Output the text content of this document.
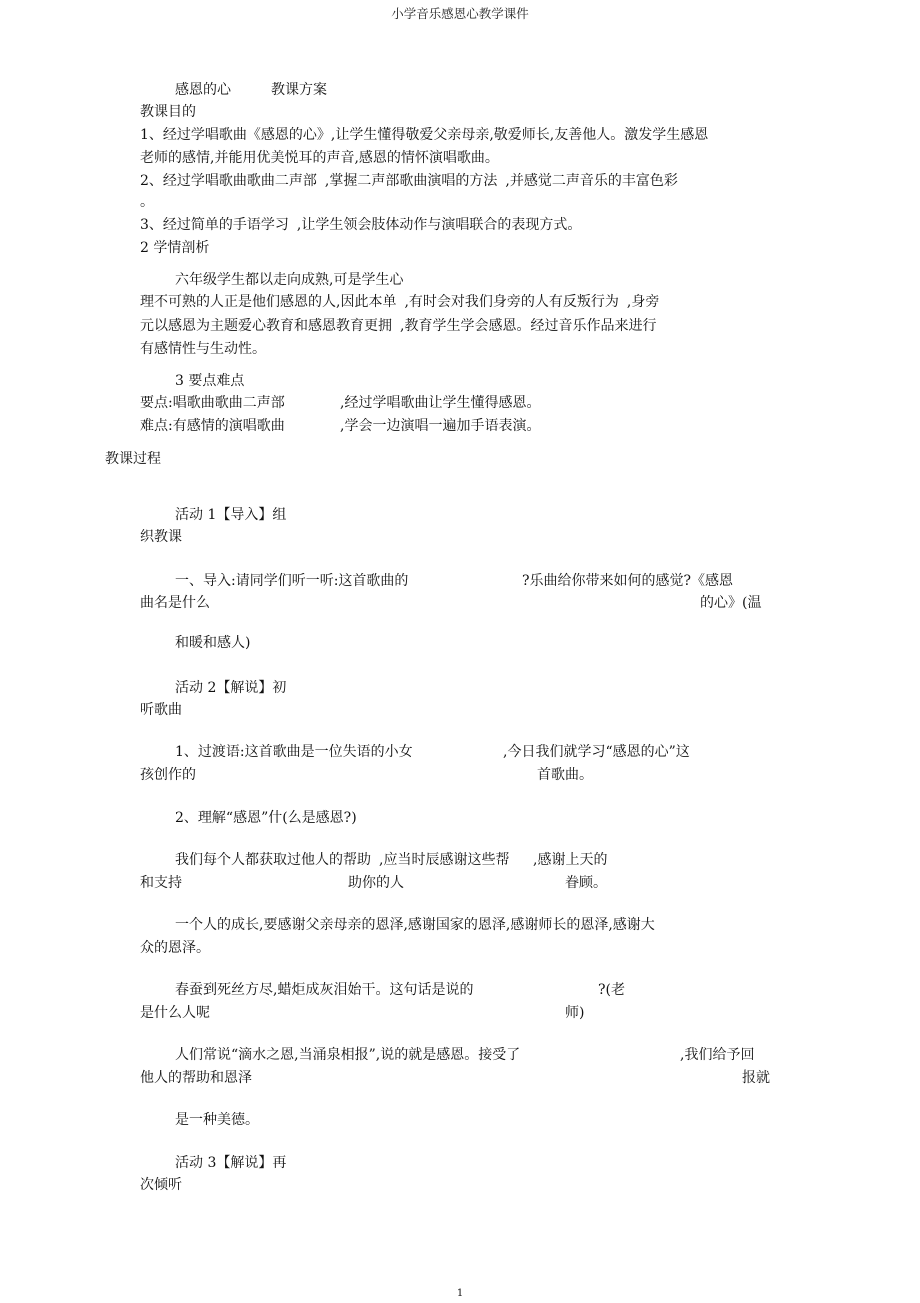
小学音乐感恩心教学课件
感恩的心	教课方案
教课目的
1、经过学唱歌曲《感恩的心》,让学生懂得敬爱父亲母亲,敬爱师长,友善他人。激发学生感恩
老师的感情,并能用优美悦耳的声音,感恩的情怀演唱歌曲。
2、经过学唱歌曲歌曲二声部 ,掌握二声部歌曲演唱的方法 ,并感觉二声音乐的丰富色彩
。
3、经过简单的手语学习 ,让学生领会肢体动作与演唱联合的表现方式。
2 学情剖析
六年级学生都以走向成熟,可是学生心
理不可熟的人正是他们感恩的人,因此本单 ,有时会对我们身旁的人有反叛行为 ,身旁
元以感恩为主题爱心教育和感恩教育更拥 ,教育学生学会感恩。经过音乐作品来进行
有感情性与生动性。
3 要点难点
要点:唱歌曲歌曲二声部	,经过学唱歌曲让学生懂得感恩。
难点:有感情的演唱歌曲	,学会一边演唱一遍加手语表演。
教课过程
活动 1【导入】组
织教课
一、导入:请同学们听一听:这首歌曲的	?乐曲给你带来如何的感觉?《感恩
曲名是什么	的心》(温
和暖和感人)
活动 2【解说】初
听歌曲
1、过渡语:这首歌曲是一位失语的小女	,今日我们就学习“感恩的心”这
孩创作的	首歌曲。
2、理解“感恩”什(么是感恩?)
我们每个人都获取过他人的帮助 ,应当时辰感谢这些帮 ,感谢上天的
和支持	助你的人	眷顾。
一个人的成长,要感谢父亲母亲的恩泽,感谢国家的恩泽,感谢师长的恩泽,感谢大
众的恩泽。
春蚕到死丝方尽,蜡炬成灰泪始干。这句话是说的	?(老
是什么人呢	师)
人们常说“滴水之恩,当涌泉相报”,说的就是感恩。接受了	,我们给予回
他人的帮助和恩泽	报就
是一种美德。
活动 3【解说】再
次倾听
1
